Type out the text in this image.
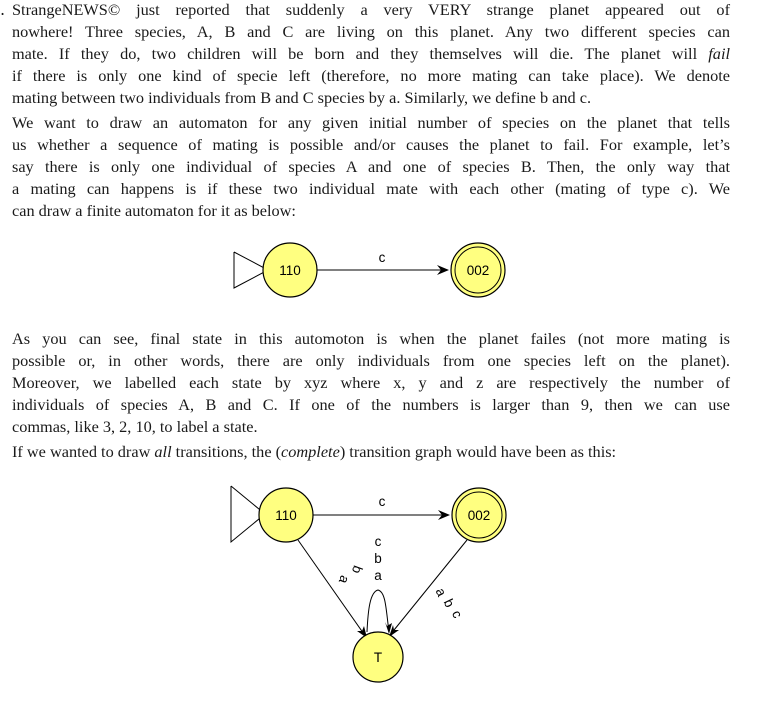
. StrangeNEWS© just reported that suddenly a very VERY strange planet appeared out of
nowhere! Three species, A, B and C are living on this planet. Any two different species can
mate. If they do, two children will be born and they themselves will die. The planet will fail
if there is only one kind of specie left (therefore, no more mating can take place). We denote
mating between two individuals from B and C species by a. Similarly, we define b and c.
We want to draw an automaton for any given initial number of species on the planet that tells
us whether a sequence of mating is possible and/or causes the planet to fail. For example, let’s
say there is only one individual of species A and one of species B. Then, the only way that
a mating can happens is if these two individual mate with each other (mating of type c). We
can draw a finite automaton for it as below:
110
c
002
As you can see, final state in this automoton is when the planet failes (not more mating is
possible or, in other words, there are only individuals from one species left on the planet).
Moreover, we labelled each state by xyz where x, y and z are respectively the number of
individuals of species A, B and C. If one of the numbers is larger than 9, then we can use
commas, like 3, 2, 10, to label a state.
If we wanted to draw all transitions, the (complete) transition graph would have been as this:
110
c
002
b
a
a
b
c
c
b
a
T
